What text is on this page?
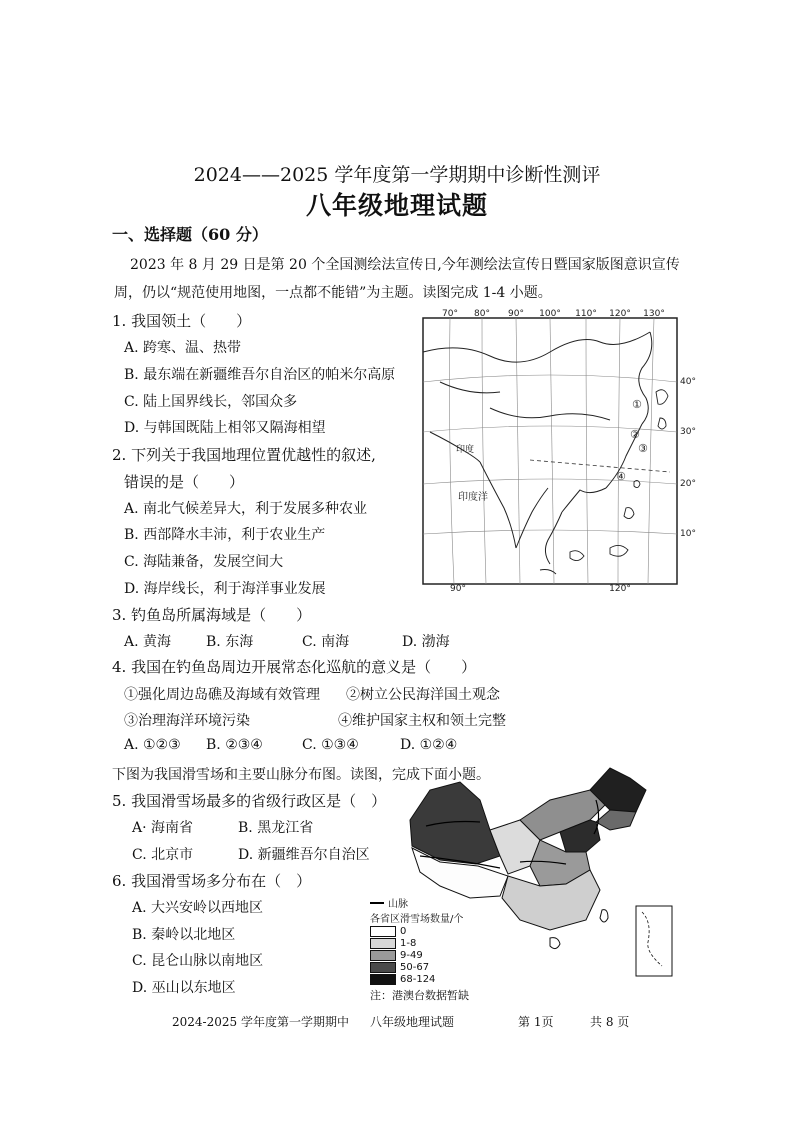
2024——2025 学年度第一学期期中诊断性测评
八年级地理试题
一、选择题（60 分）
2023 年 8 月 29 日是第 20 个全国测绘法宣传日,今年测绘法宣传日暨国家版图意识宣传
周，仍以“规范使用地图，一点都不能错”为主题。读图完成 1-4 小题。
1. 我国领土（　　）
A. 跨寒、温、热带
B. 最东端在新疆维吾尔自治区的帕米尔高原
C. 陆上国界线长，邻国众多
D. 与韩国既陆上相邻又隔海相望
2. 下列关于我国地理位置优越性的叙述,
错误的是（　　）
A. 南北气候差异大，利于发展多种农业
B. 西部降水丰沛，利于农业生产
C. 海陆兼备，发展空间大
D. 海岸线长，利于海洋事业发展
3. 钓鱼岛所属海域是（　　）
A. 黄海 B. 东海	C. 南海	D. 渤海
4. 我国在钓鱼岛周边开展常态化巡航的意义是（　　）
①强化周边岛礁及海域有效管理 ②树立公民海洋国土观念
③治理海洋环境污染	④维护国家主权和领土完整
A. ①②③ B. ②③④	C. ①③④	D. ①②④
下图为我国滑雪场和主要山脉分布图。读图，完成下面小题。
5. 我国滑雪场最多的省级行政区是（　）
A· 海南省	B. 黑龙江省
C. 北京市	D. 新疆维吾尔自治区
6. 我国滑雪场多分布在（　）
A. 大兴安岭以西地区
B. 秦岭以北地区
C. 昆仑山脉以南地区
D. 巫山以东地区
70° 80° 90° 100° 110° 120° 130°
40°
30°
20°
10°
90°	120°
印度
印度洋
①
②
③
④
山脉
各省区滑雪场数量/个
0
1-8
9-49
50-67
68-124
注：港澳台数据暂缺
2024-2025 学年度第一学期期中 八年级地理试题	第 1页	共 8 页
